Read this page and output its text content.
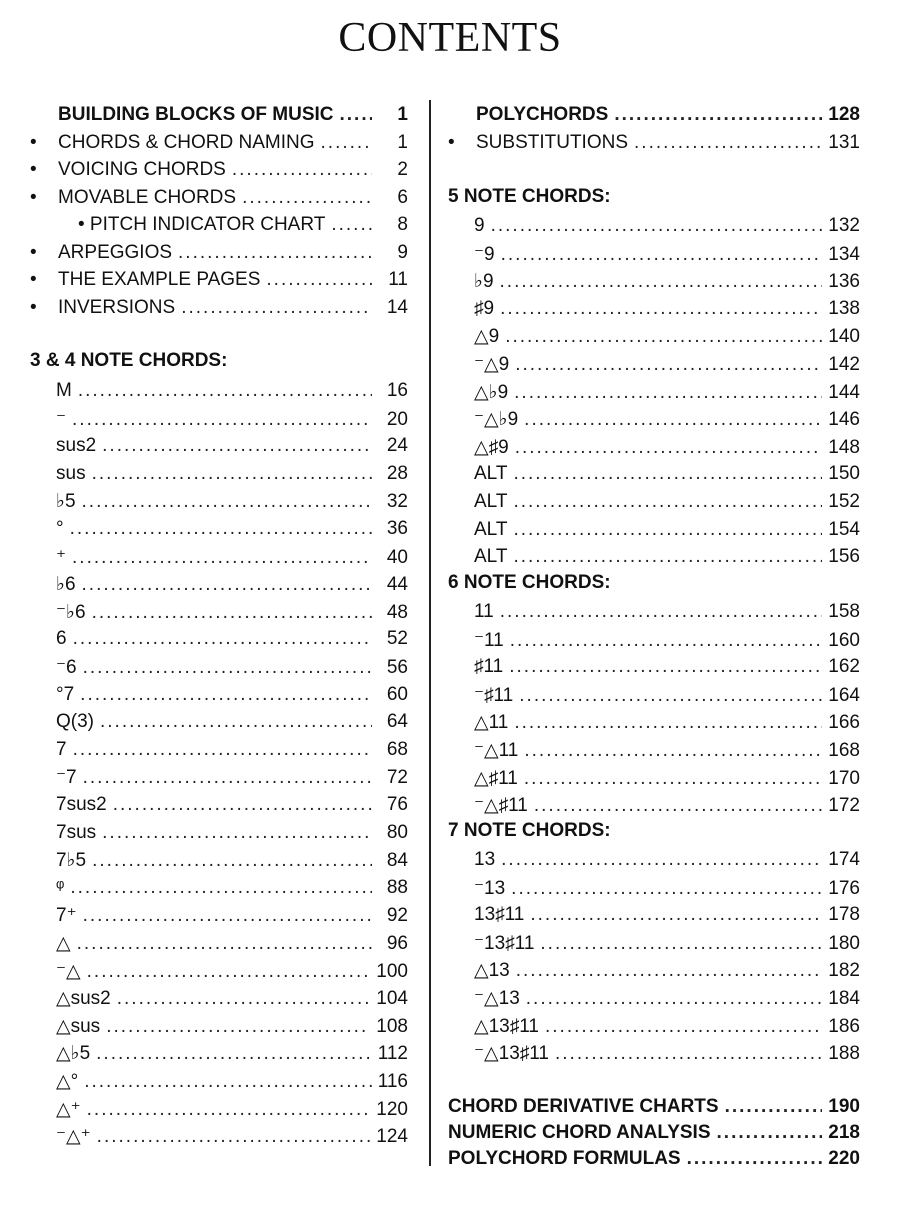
CONTENTS
BUILDING BLOCKS OF MUSIC .....	1
•	CHORDS & CHORD NAMING .....	1
•	VOICING CHORDS .....	2
•	MOVABLE CHORDS .....	6
• PITCH INDICATOR CHART .....	8
•	ARPEGGIOS .....	9
•	THE EXAMPLE PAGES .....	11
•	INVERSIONS .....	14
3 & 4 NOTE CHORDS:
M .....	16
⁻ .....	20
sus2 .....	24
sus .....	28
♭5 .....	32
° .....	36
⁺ .....	40
♭6 .....	44
⁻♭6 .....	48
6 .....	52
⁻6 .....	56
°7 .....	60
Q(3) .....	64
7 .....	68
⁻7 .....	72
7sus2 .....	76
7sus .....	80
7♭5 .....	84
ᵠ .....	88
7⁺ .....	92
△ .....	96
⁻△ .....	100
△sus2 .....	104
△sus .....	108
△♭5 .....	112
△° .....	116
△⁺ .....	120
⁻△⁺ .....	124
POLYCHORDS .....	128
•	SUBSTITUTIONS .....	131
5 NOTE CHORDS:
9 .....	132
⁻9 .....	134
♭9 .....	136
♯9 .....	138
△9 .....	140
⁻△9 .....	142
△♭9 .....	144
⁻△♭9 .....	146
△♯9 .....	148
ALT .....	150
ALT .....	152
ALT .....	154
ALT .....	156
6 NOTE CHORDS:
11 .....	158
⁻11 .....	160
♯11 .....	162
⁻♯11 .....	164
△11 .....	166
⁻△11 .....	168
△♯11 .....	170
⁻△♯11 .....	172
7 NOTE CHORDS:
13 .....	174
⁻13 .....	176
13♯11 .....	178
⁻13♯11 .....	180
△13 .....	182
⁻△13 .....	184
△13♯11 .....	186
⁻△13♯11 .....	188
CHORD DERIVATIVE CHARTS .....	190
NUMERIC CHORD ANALYSIS .....	218
POLYCHORD FORMULAS .....	220
